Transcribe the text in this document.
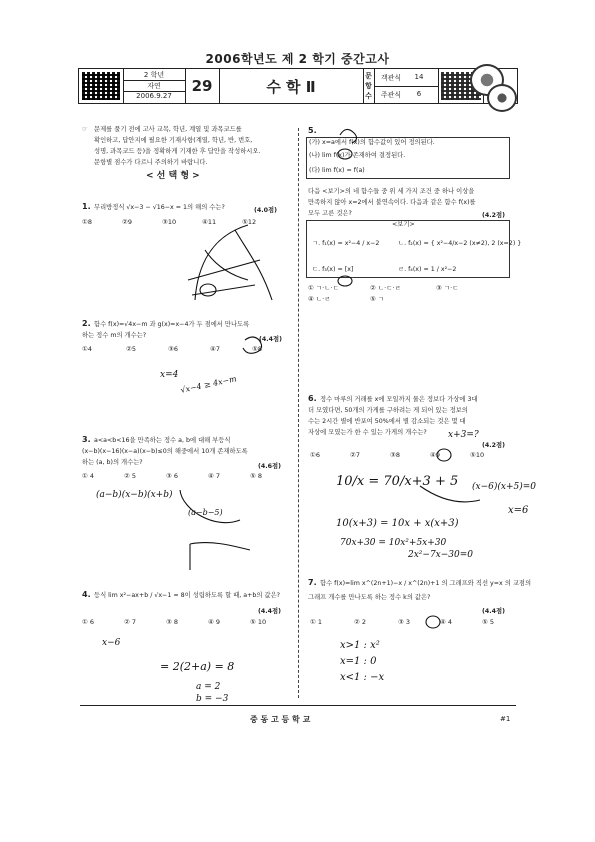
2006학년도 제 2 학기 중간고사
2 학년
자연
2006.9.27
29	수 학 Ⅱ
문항수
객관식	14
주관식	6
☞ 문제를 풀기 전에 고사 교목, 학년, 계열 및 과목코드를
확인하고, 답안지에 필요한 기재사항(계열, 학년, 반, 번호,
성명, 과목코드 등)을 정확하게 기재한 후 답안을 작성하시오.
문항별 점수가 다르니 주의하기 바랍니다.
< 선 택 형 >
1. 무리방정식 √x−3 − √16−x = 1의 해의 수는?	(4.0점)
①8	②9	③10	④11	⑤12
2. 함수 f(x)=√4x−m 과 g(x)=x−4가 두 점에서 만나도록
하는 정수 m의 개수는?
(4.4점)
①4	②5	③6	④7	⑤8
3. a<a<b<16을 만족하는 정수 a, b에 대해 부등식
(x−b)(x−16)(x−a)(x−b)≤0의 해중에서 10개 존재하도록
하는 (a, b)의 개수는?
(4.6점)
① 4	② 5	③ 6	④ 7	⑤ 8
4. 등식 lim x²−ax+b / √x−1 = 8이 성립하도록 할 때, a+b의 값은?
(4.4점)
① 6	② 7	③ 8	④ 9	⑤ 10
5.
(가) x=a에서 f(x)의 함수값이 있어 정의된다.
(나) lim f(x)가 존재하여 결정된다.
(다) lim f(x) = f(a)
다음 <보기>의 네 함수들 중 위 세 가지 조건 중 하나 이상을
만족하지 않아 x=2에서 불연속이다. 다음과 같은 함수 f(x)를
모두 고른 것은?	(4.2점)
<보기>
ㄱ. f₁(x) = x²−4 / x−2	ㄴ. f₂(x) = { x²−4/x−2 (x≠2), 2 (x=2) }
ㄷ. f₃(x) = [x]	ㄹ. f₄(x) = 1 / x²−2
① ㄱ·ㄴ·ㄷ	② ㄴ·ㄷ·ㄹ	③ ㄱ·ㄷ
④ ㄴ·ㄹ	⑤ ㄱ
6. 정수 마루의 거래를 x에 모일까지 물은 정보다 가상에 3대
더 모였다면, 50개의 가게를 구하려는 게 되어 있는 정보의
수는 2시간 별에 반포여 50%에서 별 감소되는 것은 몇 대
자상에 모였는가 한 수 있는 가게의 개수는?
(4.2점)
①6	②7	③8	④9	⑤10
7. 함수 f(x)=lim x^(2n+1)−x / x^(2n)+1 의 그래프와 직선 y=x 의 교점의
그래프 개수를 만나도록 하는 정수 k의 값은?
(4.4점)
① 1	② 2	③ 3	④ 4	⑤ 5
x=4 √x−4 ≥ 4x−m
(a−b)(x−b)(x+b)
(a−b−5)
10/x = 70/x+3 + 5
10(x+3) = 10x + x(x+3)
70x+30 = 10x²+5x+30
2x²−7x−30=0
(x−6)(x+5)=0
x=6
x−6
= 2(2+a) = 8
a = 2
b = −3
x>1 : x²
x=1 : 0
x<1 : −x
x+3=?
중 동 고 등 학 교	#1
